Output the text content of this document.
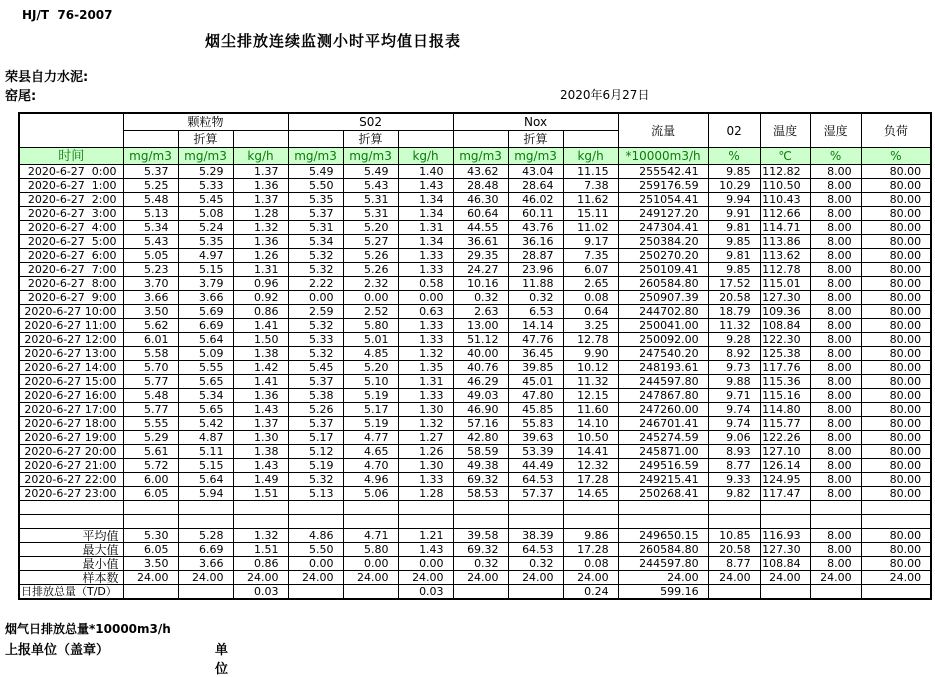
HJ/T  76-2007
烟尘排放连续监测小时平均值日报表
荣县自力水泥:
窑尾:	2020年6月27日
	颗粒物			S02			Nox			流量	02	温度	湿度	负荷
		折算			折算			折算						
时间	mg/m3	mg/m3	kg/h	mg/m3	mg/m3	kg/h	mg/m3	mg/m3	kg/h	*10000m3/h	%	℃	%	%
2020-6-27  0:00	5.37	5.29	1.37	5.49	5.49	1.40	43.62	43.04	11.15	255542.41	9.85	112.82	8.00	80.00
2020-6-27  1:00	5.25	5.33	1.36	5.50	5.43	1.43	28.48	28.64	7.38	259176.59	10.29	110.50	8.00	80.00
2020-6-27  2:00	5.48	5.45	1.37	5.35	5.31	1.34	46.30	46.02	11.62	251054.41	9.94	110.43	8.00	80.00
2020-6-27  3:00	5.13	5.08	1.28	5.37	5.31	1.34	60.64	60.11	15.11	249127.20	9.91	112.66	8.00	80.00
2020-6-27  4:00	5.34	5.24	1.32	5.31	5.20	1.31	44.55	43.76	11.02	247304.41	9.81	114.71	8.00	80.00
2020-6-27  5:00	5.43	5.35	1.36	5.34	5.27	1.34	36.61	36.16	9.17	250384.20	9.85	113.86	8.00	80.00
2020-6-27  6:00	5.05	4.97	1.26	5.32	5.26	1.33	29.35	28.87	7.35	250270.20	9.81	113.62	8.00	80.00
2020-6-27  7:00	5.23	5.15	1.31	5.32	5.26	1.33	24.27	23.96	6.07	250109.41	9.85	112.78	8.00	80.00
2020-6-27  8:00	3.70	3.79	0.96	2.22	2.32	0.58	10.16	11.88	2.65	260584.80	17.52	115.01	8.00	80.00
2020-6-27  9:00	3.66	3.66	0.92	0.00	0.00	0.00	0.32	0.32	0.08	250907.39	20.58	127.30	8.00	80.00
2020-6-27 10:00	3.50	5.69	0.86	2.59	2.52	0.63	2.63	6.53	0.64	244702.80	18.79	109.36	8.00	80.00
2020-6-27 11:00	5.62	6.69	1.41	5.32	5.80	1.33	13.00	14.14	3.25	250041.00	11.32	108.84	8.00	80.00
2020-6-27 12:00	6.01	5.64	1.50	5.33	5.01	1.33	51.12	47.76	12.78	250092.00	9.28	122.30	8.00	80.00
2020-6-27 13:00	5.58	5.09	1.38	5.32	4.85	1.32	40.00	36.45	9.90	247540.20	8.92	125.38	8.00	80.00
2020-6-27 14:00	5.70	5.55	1.42	5.45	5.20	1.35	40.76	39.85	10.12	248193.61	9.73	117.76	8.00	80.00
2020-6-27 15:00	5.77	5.65	1.41	5.37	5.10	1.31	46.29	45.01	11.32	244597.80	9.88	115.36	8.00	80.00
2020-6-27 16:00	5.48	5.34	1.36	5.38	5.19	1.33	49.03	47.80	12.15	247867.80	9.71	115.16	8.00	80.00
2020-6-27 17:00	5.77	5.65	1.43	5.26	5.17	1.30	46.90	45.85	11.60	247260.00	9.74	114.80	8.00	80.00
2020-6-27 18:00	5.55	5.42	1.37	5.37	5.19	1.32	57.16	55.83	14.10	246701.41	9.74	115.77	8.00	80.00
2020-6-27 19:00	5.29	4.87	1.30	5.17	4.77	1.27	42.80	39.63	10.50	245274.59	9.06	122.26	8.00	80.00
2020-6-27 20:00	5.61	5.11	1.38	5.12	4.65	1.26	58.59	53.39	14.41	245871.00	8.93	127.10	8.00	80.00
2020-6-27 21:00	5.72	5.15	1.43	5.19	4.70	1.30	49.38	44.49	12.32	249516.59	8.77	126.14	8.00	80.00
2020-6-27 22:00	6.00	5.64	1.49	5.32	4.96	1.33	69.32	64.53	17.28	249215.41	9.33	124.95	8.00	80.00
2020-6-27 23:00	6.05	5.94	1.51	5.13	5.06	1.28	58.53	57.37	14.65	250268.41	9.82	117.47	8.00	80.00

平均值	5.30	5.28	1.32	4.86	4.71	1.21	39.58	38.39	9.86	249650.15	10.85	116.93	8.00	80.00
最大值	6.05	6.69	1.51	5.50	5.80	1.43	69.32	64.53	17.28	260584.80	20.58	127.30	8.00	80.00
最小值	3.50	3.66	0.86	0.00	0.00	0.00	0.32	0.32	0.08	244597.80	8.77	108.84	8.00	80.00
样本数	24.00	24.00	24.00	24.00	24.00	24.00	24.00	24.00	24.00	24.00	24.00	24.00	24.00	24.00
日排放总量（T/D）			0.03			0.03			0.24	599.16				
烟气日排放总量*10000m3/h
上报单位（盖章）	单位
